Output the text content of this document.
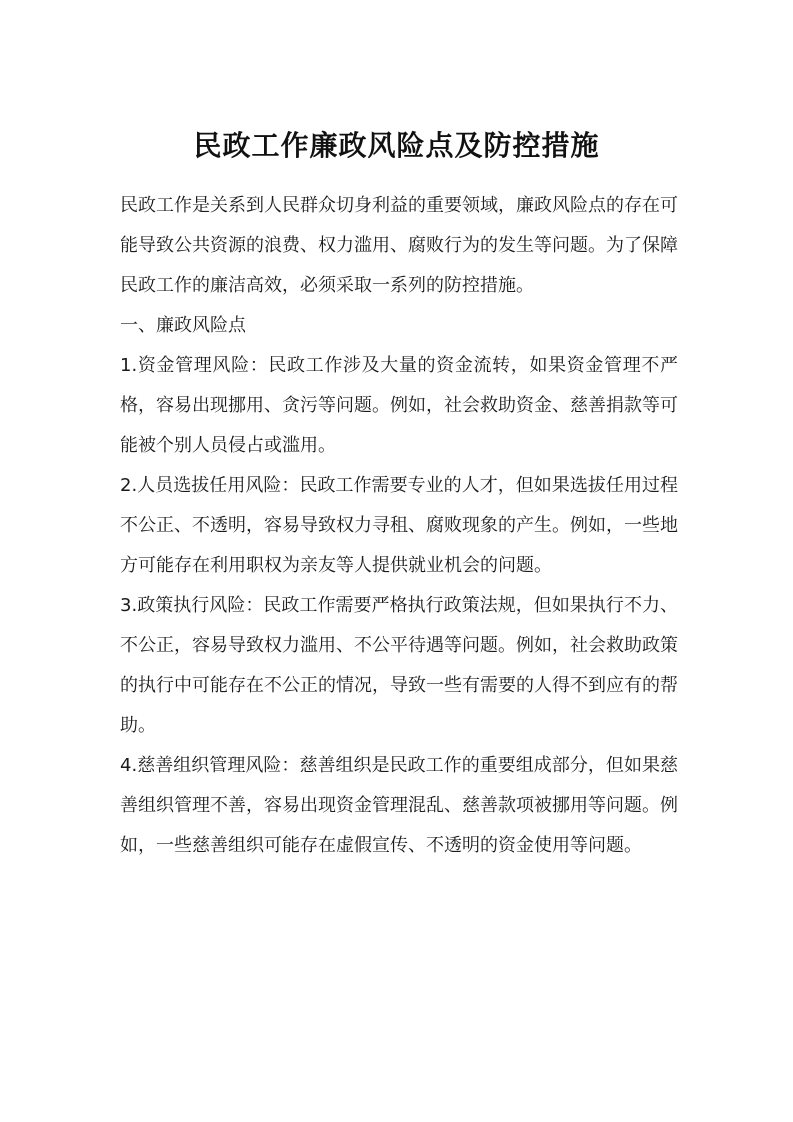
民政工作廉政风险点及防控措施

民政工作是关系到人民群众切身利益的重要领域，廉政风险点的存在可能导致公共资源的浪费、权力滥用、腐败行为的发生等问题。为了保障民政工作的廉洁高效，必须采取一系列的防控措施。

一、廉政风险点

1.资金管理风险：民政工作涉及大量的资金流转，如果资金管理不严格，容易出现挪用、贪污等问题。例如，社会救助资金、慈善捐款等可能被个别人员侵占或滥用。

2.人员选拔任用风险：民政工作需要专业的人才，但如果选拔任用过程不公正、不透明，容易导致权力寻租、腐败现象的产生。例如，一些地方可能存在利用职权为亲友等人提供就业机会的问题。

3.政策执行风险：民政工作需要严格执行政策法规，但如果执行不力、不公正，容易导致权力滥用、不公平待遇等问题。例如，社会救助政策的执行中可能存在不公正的情况，导致一些有需要的人得不到应有的帮助。

4.慈善组织管理风险：慈善组织是民政工作的重要组成部分，但如果慈善组织管理不善，容易出现资金管理混乱、慈善款项被挪用等问题。例如，一些慈善组织可能存在虚假宣传、不透明的资金使用等问题。
